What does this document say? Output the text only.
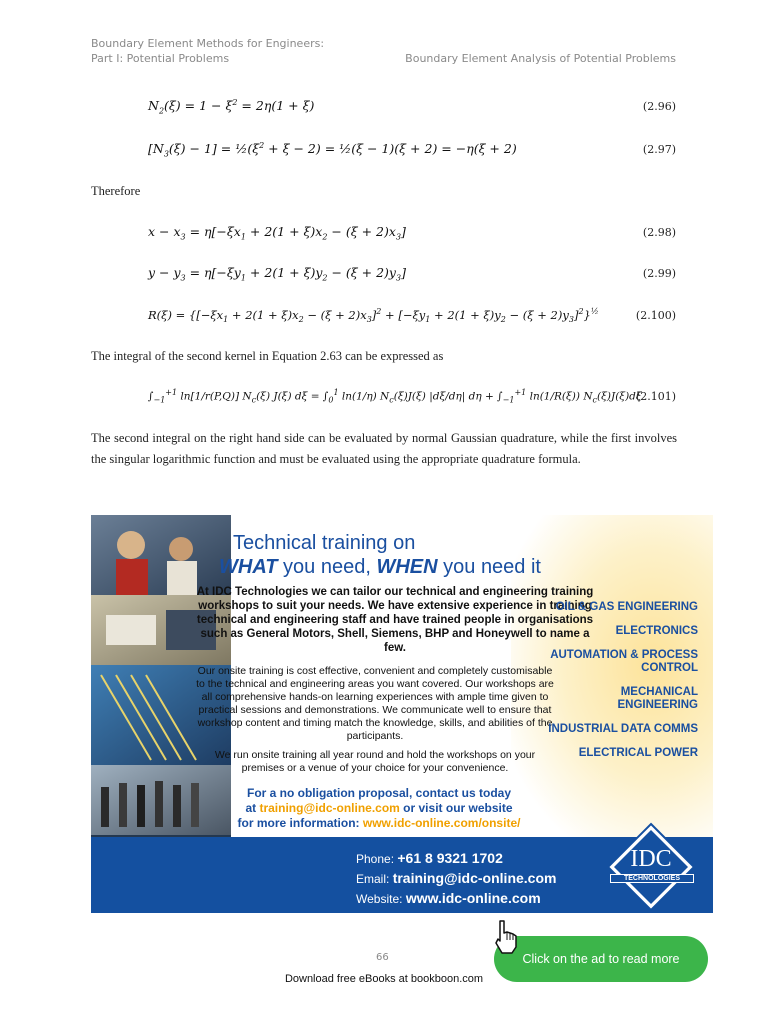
Boundary Element Methods for Engineers:
Part I: Potential Problems	Boundary Element Analysis of Potential Problems
$N_2(\xi) = 1 - \xi^2 = 2\eta(1 + \xi)$	(2.96)
$[N_3(\xi) - 1]$ = $\frac{1}{2}(\xi^2 + \xi - 2)$ = ½(ξ − 1)(ξ + 2) = −η(ξ + 2)	(2.97)
Therefore
$x - x_3 = \eta[-\xi x_1 + 2(1 + \xi)x_2 - (\xi + 2)x_3]$	(2.98)
$y - y_3 = \eta[-\xi y_1 + 2(1 + \xi)y_2 - (\xi + 2)y_3]$	(2.99)
$R(\xi) = \{[-\xi x_1 + 2(1 + \xi)x_2 - (\xi + 2)x_3]^2 + [-\xi y_1 + 2(1 + \xi)y_2 - (\xi + 2)y_3]^2\}^{\frac{1}{2}}$	(2.100)
The integral of the second kernel in Equation 2.63 can be expressed as
$\int_{-1}^{+1}$ ln[1/r(P,Q)] $N_c(\xi)$ J(ξ) $d\xi = \int_0^1$ ln(1/η) $N_c(\xi)J(\xi)$ |dξ/dη| $d\eta + \int_{-1}^{+1}$ ln(1/R(ξ)) $N_c(\xi)J(\xi)d\xi$
(2.101)
The second integral on the right hand side can be evaluated by normal Gaussian quadrature, while the first involves the singular logarithmic function and must be evaluated using the appropriate quadrature formula.
Technical training on
WHAT you need, WHEN you need it
At IDC Technologies we can tailor our technical and engineering training workshops to suit your needs. We have extensive experience in training technical and engineering staff and have trained people in organisations such as General Motors, Shell, Siemens, BHP and Honeywell to name a few.
Our onsite training is cost effective, convenient and completely customisable to the technical and engineering areas you want covered. Our workshops are all comprehensive hands-on learning experiences with ample time given to practical sessions and demonstrations. We communicate well to ensure that workshop content and timing match the knowledge, skills, and abilities of the participants.
We run onsite training all year round and hold the workshops on your premises or a venue of your choice for your convenience.
For a no obligation proposal, contact us today
at training@idc-online.com or visit our website
for more information: www.idc-online.com/onsite/
OIL & GAS ENGINEERING
ELECTRONICS
AUTOMATION & PROCESS CONTROL
MECHANICAL ENGINEERING
INDUSTRIAL DATA COMMS
ELECTRICAL POWER
Phone: +61 8 9321 1702
Email: training@idc-online.com
Website: www.idc-online.com
IDC
TECHNOLOGIES
66	Click on the ad to read more
Download free eBooks at bookboon.com
